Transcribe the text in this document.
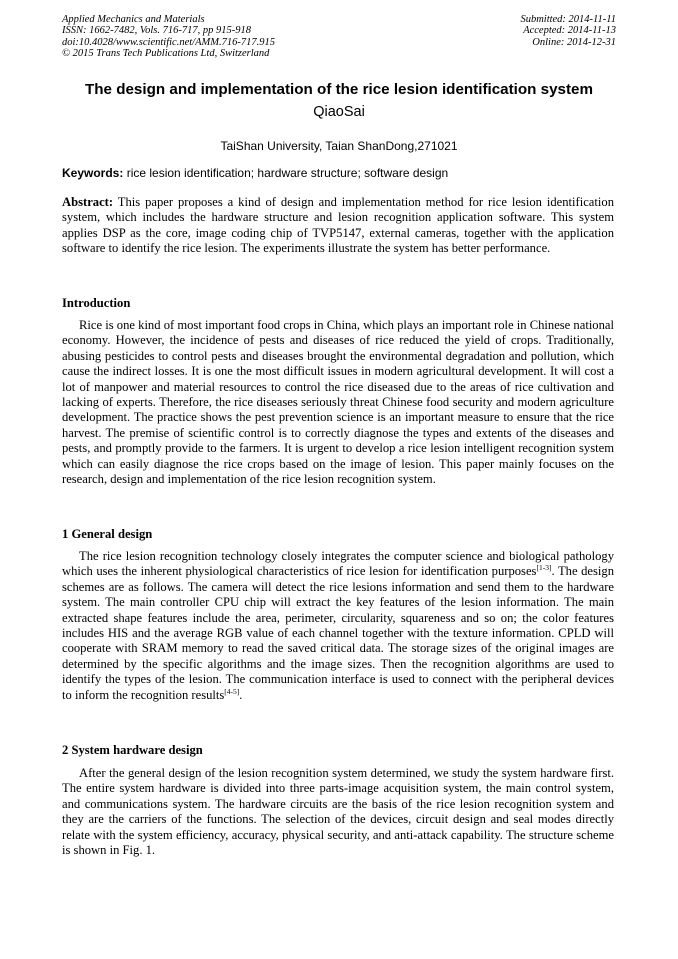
Applied Mechanics and Materials
ISSN: 1662-7482, Vols. 716-717, pp 915-918
doi:10.4028/www.scientific.net/AMM.716-717.915
© 2015 Trans Tech Publications Ltd, Switzerland
Submitted: 2014-11-11
Accepted: 2014-11-13
Online: 2014-12-31
The design and implementation of the rice lesion identification system
QiaoSai
TaiShan University, Taian ShanDong,271021
Keywords: rice lesion identification; hardware structure; software design
Abstract: This paper proposes a kind of design and implementation method for rice lesion identification system, which includes the hardware structure and lesion recognition application software. This system applies DSP as the core, image coding chip of TVP5147, external cameras, together with the application software to identify the rice lesion. The experiments illustrate the system has better performance.
Introduction
Rice is one kind of most important food crops in China, which plays an important role in Chinese national economy. However, the incidence of pests and diseases of rice reduced the yield of crops. Traditionally, abusing pesticides to control pests and diseases brought the environmental degradation and pollution, which cause the indirect losses. It is one the most difficult issues in modern agricultural development. It will cost a lot of manpower and material resources to control the rice diseased due to the areas of rice cultivation and lacking of experts. Therefore, the rice diseases seriously threat Chinese food security and modern agriculture development. The practice shows the pest prevention science is an important measure to ensure that the rice harvest. The premise of scientific control is to correctly diagnose the types and extents of the diseases and pests, and promptly provide to the farmers. It is urgent to develop a rice lesion intelligent recognition system which can easily diagnose the rice crops based on the image of lesion. This paper mainly focuses on the research, design and implementation of the rice lesion recognition system.
1 General design
The rice lesion recognition technology closely integrates the computer science and biological pathology which uses the inherent physiological characteristics of rice lesion for identification purposes[1-3]. The design schemes are as follows. The camera will detect the rice lesions information and send them to the hardware system. The main controller CPU chip will extract the key features of the lesion information. The main extracted shape features include the area, perimeter, circularity, squareness and so on; the color features includes HIS and the average RGB value of each channel together with the texture information. CPLD will cooperate with SRAM memory to read the saved critical data. The storage sizes of the original images are determined by the specific algorithms and the image sizes. Then the recognition algorithms are used to identify the types of the lesion. The communication interface is used to connect with the peripheral devices to inform the recognition results[4-5].
2 System hardware design
After the general design of the lesion recognition system determined, we study the system hardware first. The entire system hardware is divided into three parts-image acquisition system, the main control system, and communications system. The hardware circuits are the basis of the rice lesion recognition system and they are the carriers of the functions. The selection of the devices, circuit design and seal modes directly relate with the system efficiency, accuracy, physical security, and anti-attack capability. The structure scheme is shown in Fig. 1.
